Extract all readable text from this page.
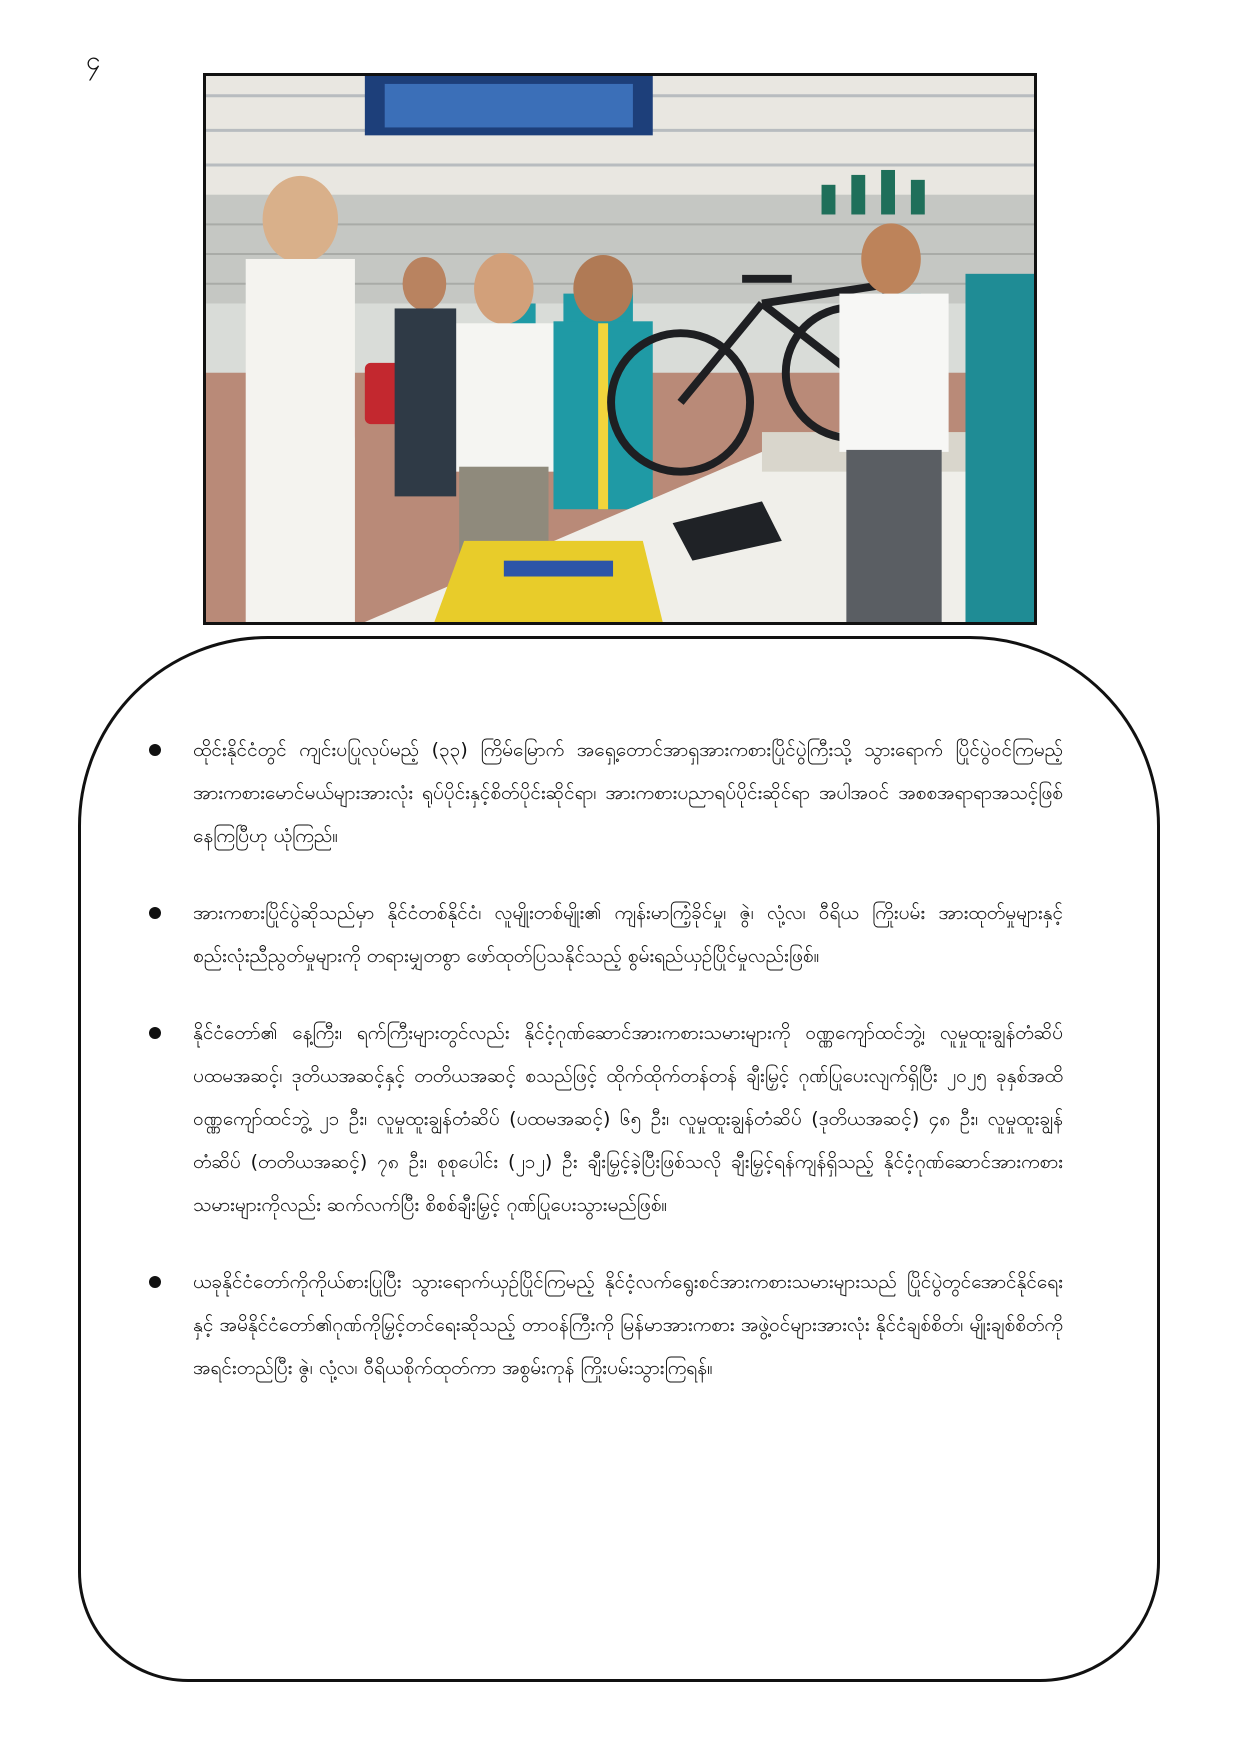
၄
ထိုင်းနိုင်ငံတွင် ကျင်းပပြုလုပ်မည့် (၃၃) ကြိမ်မြောက် အရှေ့တောင်အာရှအားကစားပြိုင်ပွဲကြီးသို့ သွားရောက် ပြိုင်ပွဲဝင်ကြမည့် အားကစားမောင်မယ်များအားလုံး ရုပ်ပိုင်းနှင့်စိတ်ပိုင်းဆိုင်ရာ၊ အားကစားပညာရပ်ပိုင်းဆိုင်ရာ အပါအဝင် အစစအရာရာအသင့်ဖြစ်နေကြပြီဟု ယုံကြည်။
အားကစားပြိုင်ပွဲဆိုသည်မှာ နိုင်ငံတစ်နိုင်ငံ၊ လူမျိုးတစ်မျိုး၏ ကျန်းမာကြံ့ခိုင်မှု၊ ဇွဲ၊ လုံ့လ၊ ဝီရိယ ကြိုးပမ်း အားထုတ်မှုများနှင့် စည်းလုံးညီညွတ်မှုများကို တရားမျှတစွာ ဖော်ထုတ်ပြသနိုင်သည့် စွမ်းရည်ယှဉ်ပြိုင်မှုလည်းဖြစ်။
နိုင်ငံတော်၏ နေ့ကြီး၊ ရက်ကြီးများတွင်လည်း နိုင်ငံ့ဂုဏ်ဆောင်အားကစားသမားများကို ဝဏ္ဏကျော်ထင်ဘွဲ့၊ လူမှုထူးချွန်တံဆိပ် ပထမအဆင့်၊ ဒုတိယအဆင့်နှင့် တတိယအဆင့် စသည်ဖြင့် ထိုက်ထိုက်တန်တန် ချီးမြှင့် ဂုဏ်ပြုပေးလျက်ရှိပြီး ၂၀၂၅ ခုနှစ်အထိ ဝဏ္ဏကျော်ထင်ဘွဲ့ ၂၁ ဦး၊ လူမှုထူးချွန်တံဆိပ် (ပထမအဆင့်) ၆၅ ဦး၊ လူမှုထူးချွန်တံဆိပ် (ဒုတိယအဆင့်) ၄၈ ဦး၊ လူမှုထူးချွန် တံဆိပ် (တတိယအဆင့်) ၇၈ ဦး၊ စုစုပေါင်း (၂၁၂) ဦး ချီးမြှင့်ခဲ့ပြီးဖြစ်သလို ချီးမြှင့်ရန်ကျန်ရှိသည့် နိုင်ငံ့ဂုဏ်ဆောင်အားကစားသမားများကိုလည်း ဆက်လက်ပြီး စိစစ်ချီးမြှင့် ဂုဏ်ပြုပေးသွားမည်ဖြစ်။
ယခုနိုင်ငံတော်ကိုကိုယ်စားပြုပြီး သွားရောက်ယှဉ်ပြိုင်ကြမည့် နိုင်ငံ့လက်ရွေးစင်အားကစားသမားများသည် ပြိုင်ပွဲတွင်အောင်နိုင်ရေးနှင့် အမိနိုင်ငံတော်၏ဂုဏ်ကိုမြှင့်တင်ရေးဆိုသည့် တာဝန်ကြီးကို မြန်မာအားကစား အဖွဲ့ဝင်များအားလုံး နိုင်ငံချစ်စိတ်၊ မျိုးချစ်စိတ်ကို အရင်းတည်ပြီး ဇွဲ၊ လုံ့လ၊ ဝီရိယစိုက်ထုတ်ကာ အစွမ်းကုန် ကြိုးပမ်းသွားကြရန်။
